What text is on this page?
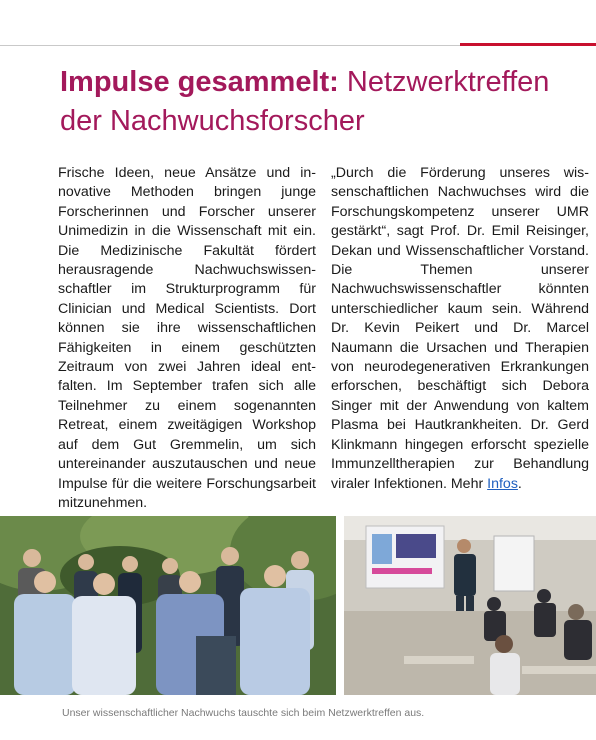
Impulse gesammelt: Netzwerktreffen der Nachwuchsforscher

Frische Ideen, neue Ansätze und innovative Methoden bringen junge Forscherinnen und Forscher unserer Unimedizin in die Wissenschaft mit ein. Die Medizinische Fakultät fördert herausragende Nachwuchswissenschaftler im Strukturprogramm für Clinician und Medical Scientists. Dort können sie ihre wissenschaftlichen Fähigkeiten in einem geschützten Zeitraum von zwei Jahren ideal entfalten. Im September trafen sich alle Teilnehmer zu einem sogenannten Retreat, einem zweitägigen Workshop auf dem Gut Gremmelin, um sich untereinander auszutauschen und neue Impulse für die weitere Forschungsarbeit mitzunehmen.

„Durch die Förderung unseres wissenschaftlichen Nachwuchses wird die Forschungskompetenz unserer UMR gestärkt“, sagt Prof. Dr. Emil Reisinger, Dekan und Wissenschaftlicher Vorstand. Die Themen unserer Nachwuchswissenschaftler könnten unterschiedlicher kaum sein. Während Dr. Kevin Peikert und Dr. Marcel Naumann die Ursachen und Therapien von neurodegenerativen Erkrankungen erforschen, beschäftigt sich Debora Singer mit der Anwendung von kaltem Plasma bei Hautkrankheiten. Dr. Gerd Klinkmann hingegen erforscht spezielle Immunzelltherapien zur Behandlung viraler Infektionen. Mehr Infos.

Unser wissenschaftlicher Nachwuchs tauschte sich beim Netzwerktreffen aus.
